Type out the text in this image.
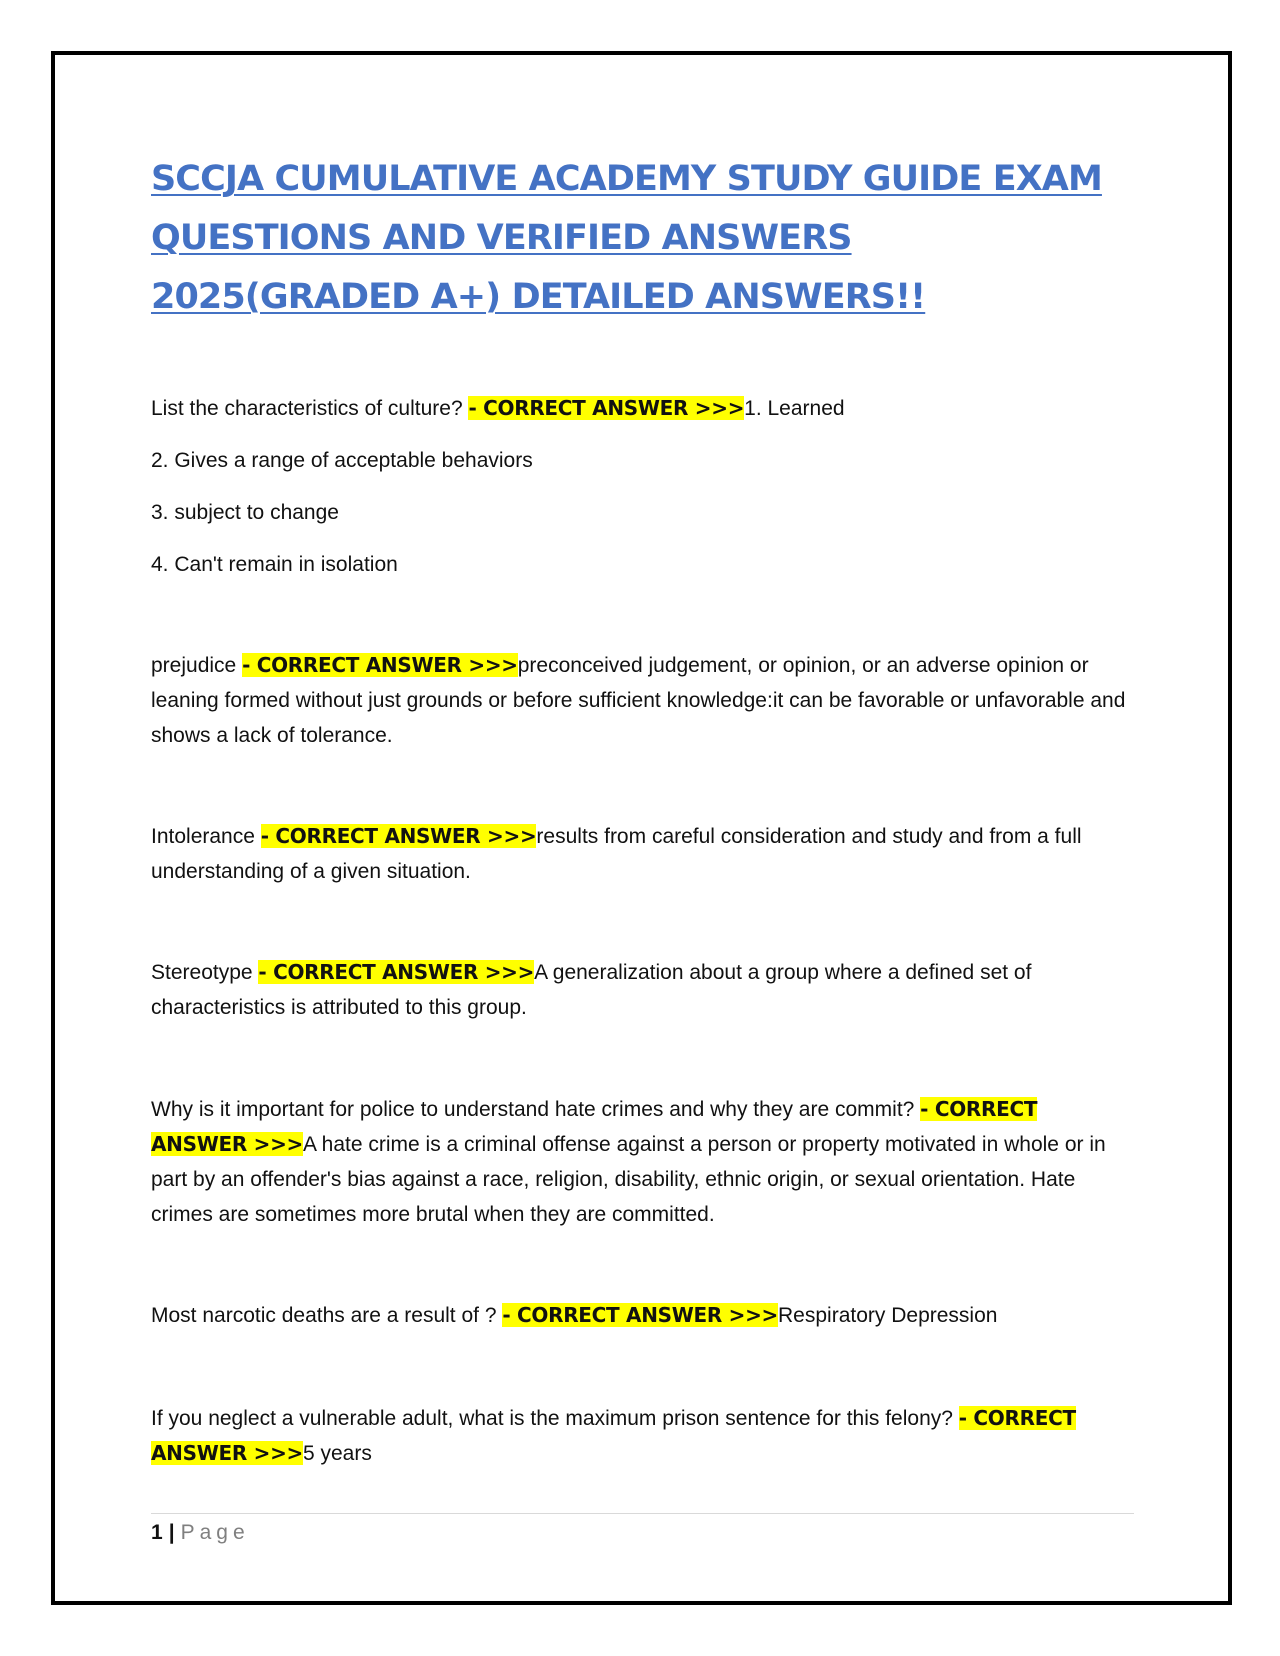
SCCJA CUMULATIVE ACADEMY STUDY GUIDE EXAM
QUESTIONS AND VERIFIED ANSWERS
2025(GRADED A+) DETAILED ANSWERS!!

List the characteristics of culture? - CORRECT ANSWER >>>1. Learned

2. Gives a range of acceptable behaviors
3. subject to change
4. Can't remain in isolation

prejudice - CORRECT ANSWER >>>preconceived judgement, or opinion, or an adverse opinion or leaning formed without just grounds or before sufficient knowledge:it can be favorable or unfavorable and shows a lack of tolerance.

Intolerance - CORRECT ANSWER >>>results from careful consideration and study and from a full understanding of a given situation.

Stereotype - CORRECT ANSWER >>>A generalization about a group where a defined set of characteristics is attributed to this group.

Why is it important for police to understand hate crimes and why they are commit? - CORRECT ANSWER >>>A hate crime is a criminal offense against a person or property motivated in whole or in part by an offender's bias against a race, religion, disability, ethnic origin, or sexual orientation. Hate crimes are sometimes more brutal when they are committed.

Most narcotic deaths are a result of ? - CORRECT ANSWER >>>Respiratory Depression

If you neglect a vulnerable adult, what is the maximum prison sentence for this felony? - CORRECT ANSWER >>>5 years

1 | Page
